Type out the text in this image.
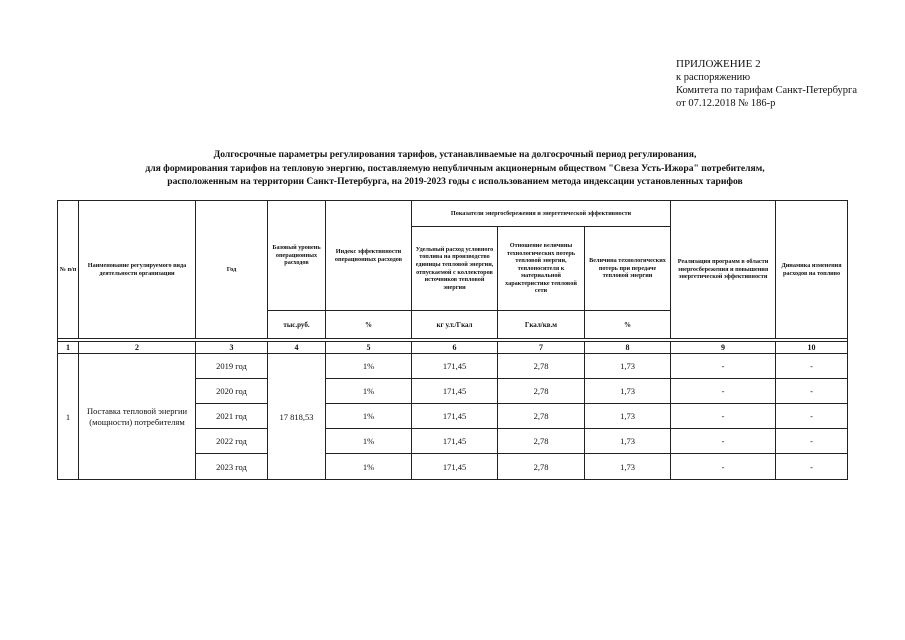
ПРИЛОЖЕНИЕ 2
к распоряжению
Комитета по тарифам Санкт-Петербурга
от 07.12.2018 № 186-р
Долгосрочные параметры регулирования тарифов, устанавливаемые на долгосрочный период регулирования,
для формирования тарифов на тепловую энергию, поставляемую непубличным акционерным обществом "Свеза Усть-Ижора" потребителям,
расположенным на территории Санкт-Петербурга, на 2019-2023 годы с использованием метода индексации установленных тарифов
№ п/п	Наименование регулируемого вида деятельности организации	Год	Базовый уровень операционных расходов	Индекс эффективности операционных расходов	Показатели энергосбережения и энергетической эффективности			Реализация программ в области энергосбережения и повышения энергетической эффективности	Динамика изменения расходов на топливо
					Удельный расход условного топлива на производство единицы тепловой энергии, отпускаемой с коллекторов источников тепловой энергии	Отношение величины технологических потерь тепловой энергии, теплоносителя к материальной характеристике тепловой сети	Величина технологических потерь при передаче тепловой энергии		
			тыс.руб.	%	кг у.т./Гкал	Гкал/кв.м	%		

1	2	3	4	5	6	7	8	9	10
1	Поставка тепловой энергии (мощности) потребителям	2019 год	17 818,53	1%	171,45	2,78	1,73	-	-
		2020 год		1%	171,45	2,78	1,73	-	-
		2021 год		1%	171,45	2,78	1,73	-	-
		2022 год		1%	171,45	2,78	1,73	-	-
		2023 год		1%	171,45	2,78	1,73	-	-
